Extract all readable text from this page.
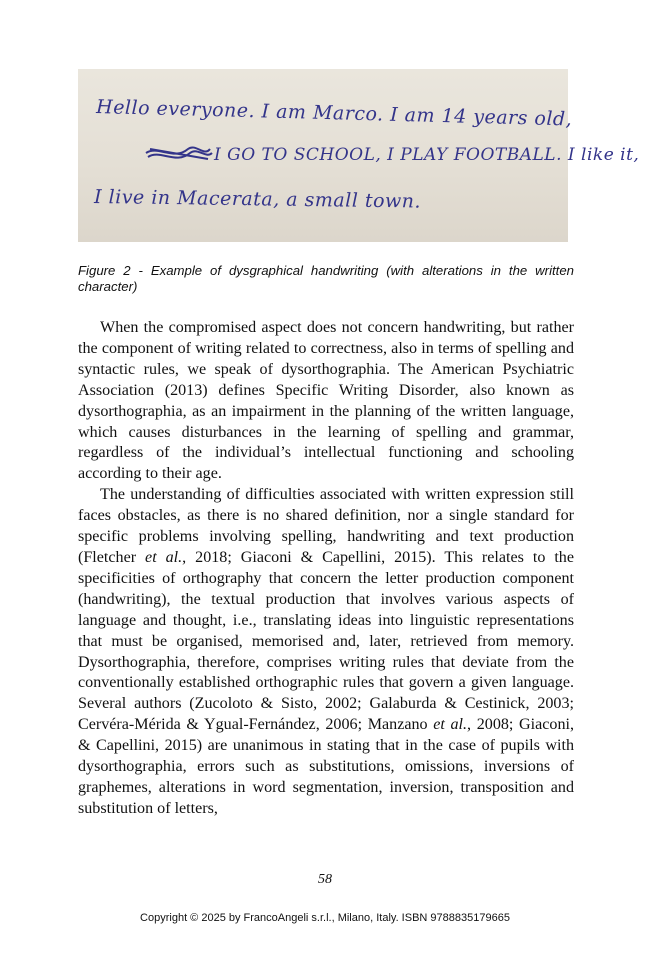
Hello everyone. I am Marco. I am 14 years old,
I GO TO SCHOOL, I PLAY FOOTBALL. I like it,
I live in Macerata, a small town.
Figure 2 - Example of dysgraphical handwriting (with alterations in the written character)

When the compromised aspect does not concern handwriting, but rather the component of writing related to correctness, also in terms of spelling and syntactic rules, we speak of dysorthographia. The American Psychiatric Association (2013) defines Specific Writing Disorder, also known as dysorthographia, as an impairment in the planning of the written language, which causes disturbances in the learning of spelling and grammar, regardless of the individual’s intellectual functioning and schooling according to their age.

The understanding of difficulties associated with written expression still faces obstacles, as there is no shared definition, nor a single standard for specific problems involving spelling, handwriting and text production (Fletcher et al., 2018; Giaconi & Capellini, 2015). This relates to the specificities of orthography that concern the letter production component (handwriting), the textual production that involves various aspects of language and thought, i.e., translating ideas into linguistic representations that must be organised, memorised and, later, retrieved from memory. Dysorthographia, therefore, comprises writing rules that deviate from the conventionally established orthographic rules that govern a given language. Several authors (Zucoloto & Sisto, 2002; Galaburda & Cestinick, 2003; Cervéra-Mérida & Ygual-Fernández, 2006; Manzano et al., 2008; Giaconi, & Capellini, 2015) are unanimous in stating that in the case of pupils with dysorthographia, errors such as substitutions, omissions, inversions of graphemes, alterations in word segmentation, inversion, transposition and substitution of letters,

58
Copyright © 2025 by FrancoAngeli s.r.l., Milano, Italy. ISBN 9788835179665
